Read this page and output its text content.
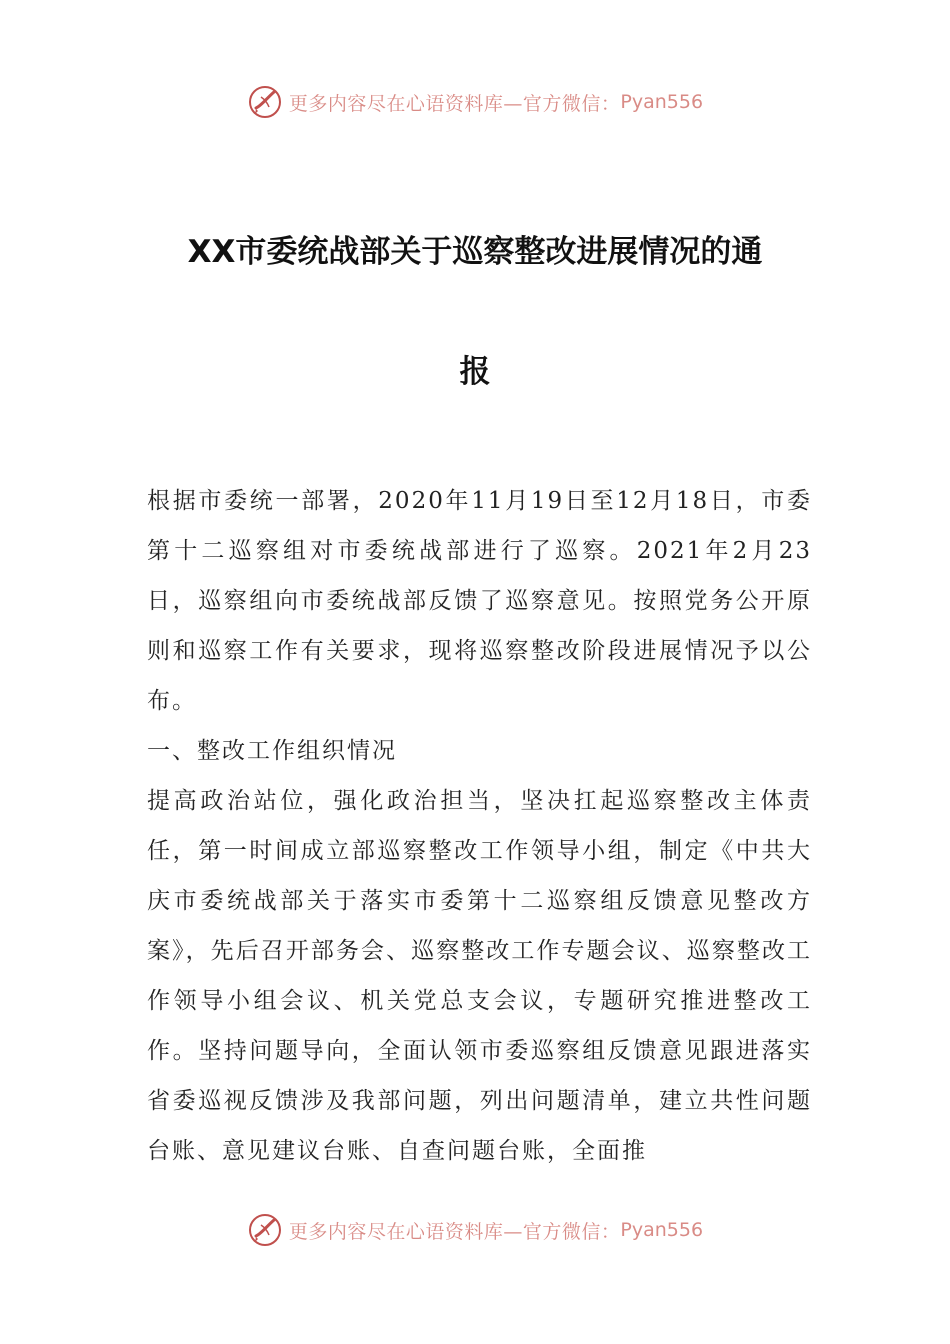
更多内容尽在心语资料库—官方微信： Pyan556
XX市委统战部关于巡察整改进展情况的通
报

根据市委统一部署，2020年11月19日至12月18日，市委第十二巡察组对市委统战部进行了巡察。2021年2月23日，巡察组向市委统战部反馈了巡察意见。按照党务公开原则和巡察工作有关要求，现将巡察整改阶段进展情况予以公布。

一、整改工作组织情况

提高政治站位，强化政治担当，坚决扛起巡察整改主体责任，第一时间成立部巡察整改工作领导小组，制定《中共大庆市委统战部关于落实市委第十二巡察组反馈意见整改方案》，先后召开部务会、巡察整改工作专题会议、巡察整改工作领导小组会议、机关党总支会议，专题研究推进整改工作。坚持问题导向，全面认领市委巡察组反馈意见跟进落实省委巡视反馈涉及我部问题，列出问题清单，建立共性问题台账、意见建议台账、自查问题台账，全面推

更多内容尽在心语资料库—官方微信： Pyan556
